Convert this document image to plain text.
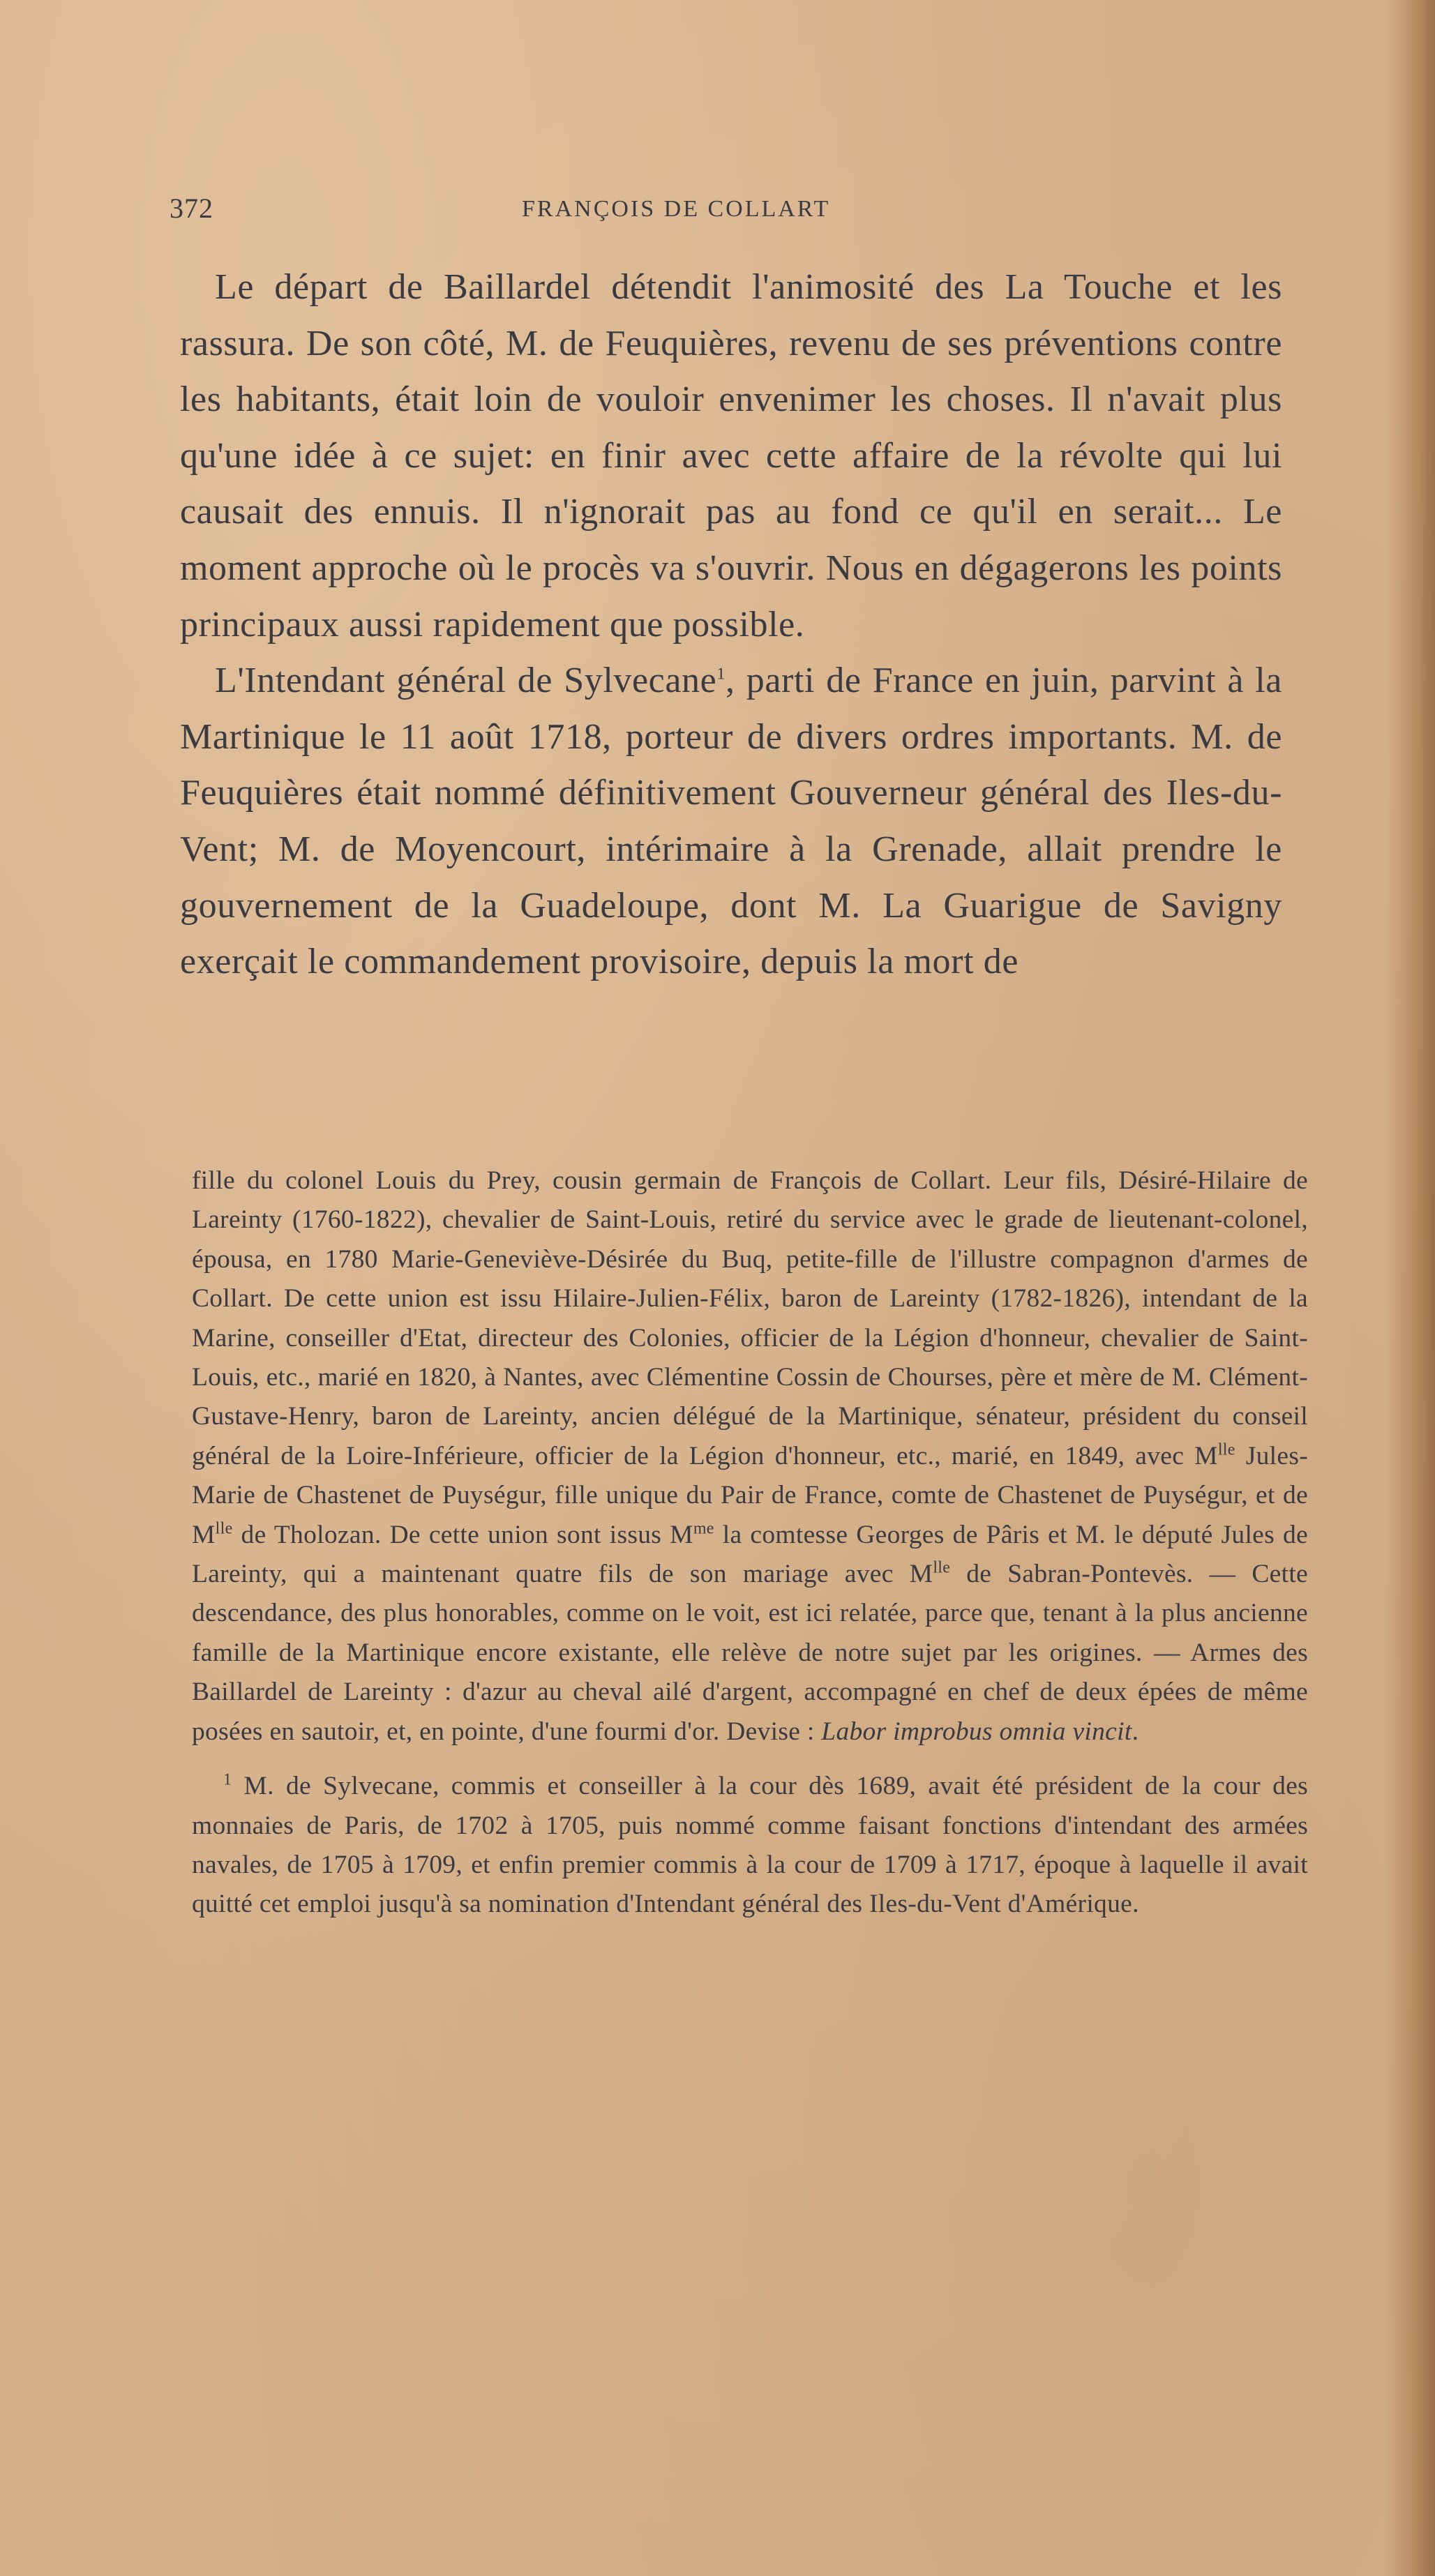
372	FRANÇOIS DE COLLART

Le départ de Baillardel détendit l'animosité des La Touche et les rassura. De son côté, M. de Feuquières, revenu de ses préventions contre les habitants, était loin de vouloir envenimer les choses. Il n'avait plus qu'une idée à ce sujet: en finir avec cette affaire de la révolte qui lui causait des ennuis. Il n'ignorait pas au fond ce qu'il en serait... Le moment approche où le procès va s'ouvrir. Nous en dégagerons les points principaux aussi rapidement que possible.

L'Intendant général de Sylvecane$^1$, parti de France en juin, parvint à la Martinique le 11 août 1718, porteur de divers ordres importants. M. de Feuquières était nommé définitivement Gouverneur général des Iles-du-Vent; M. de Moyencourt, intérimaire à la Grenade, allait prendre le gouvernement de la Guadeloupe, dont M. La Guarigue de Savigny exerçait le commandement provisoire, depuis la mort de

fille du colonel Louis du Prey, cousin germain de François de Collart. Leur fils, Désiré-Hilaire de Lareinty (1760-1822), chevalier de Saint-Louis, retiré du service avec le grade de lieutenant-colonel, épousa, en 1780 Marie-Geneviève-Désirée du Buq, petite-fille de l'illustre compagnon d'armes de Collart. De cette union est issu Hilaire-Julien-Félix, baron de Lareinty (1782-1826), intendant de la Marine, conseiller d'Etat, directeur des Colonies, officier de la Légion d'honneur, chevalier de Saint-Louis, etc., marié en 1820, à Nantes, avec Clémentine Cossin de Chourses, père et mère de M. Clément-Gustave-Henry, baron de Lareinty, ancien délégué de la Martinique, sénateur, président du conseil général de la Loire-Inférieure, officier de la Légion d'honneur, etc., marié, en 1849, avec $M^{lle}$ Jules-Marie de Chastenet de Puységur, fille unique du Pair de France, comte de Chastenet de Puységur, et de $M^{lle}$ de Tholozan. De cette union sont issus $M^{me}$ la comtesse Georges de Pâris et M. le député Jules de Lareinty, qui a maintenant quatre fils de son mariage avec $M^{lle}$ de Sabran-Pontevès. — Cette descendance, des plus honorables, comme on le voit, est ici relatée, parce que, tenant à la plus ancienne famille de la Martinique encore existante, elle relève de notre sujet par les origines. — Armes des Baillardel de Lareinty : d'azur au cheval ailé d'argent, accompagné en chef de deux épées de même posées en sautoir, et, en pointe, d'une fourmi d'or. Devise : Labor improbus omnia vincit.

$^1$ M. de Sylvecane, commis et conseiller à la cour dès 1689, avait été président de la cour des monnaies de Paris, de 1702 à 1705, puis nommé comme faisant fonctions d'intendant des armées navales, de 1705 à 1709, et enfin premier commis à la cour de 1709 à 1717, époque à laquelle il avait quitté cet emploi jusqu'à sa nomination d'Intendant général des Iles-du-Vent d'Amérique.
